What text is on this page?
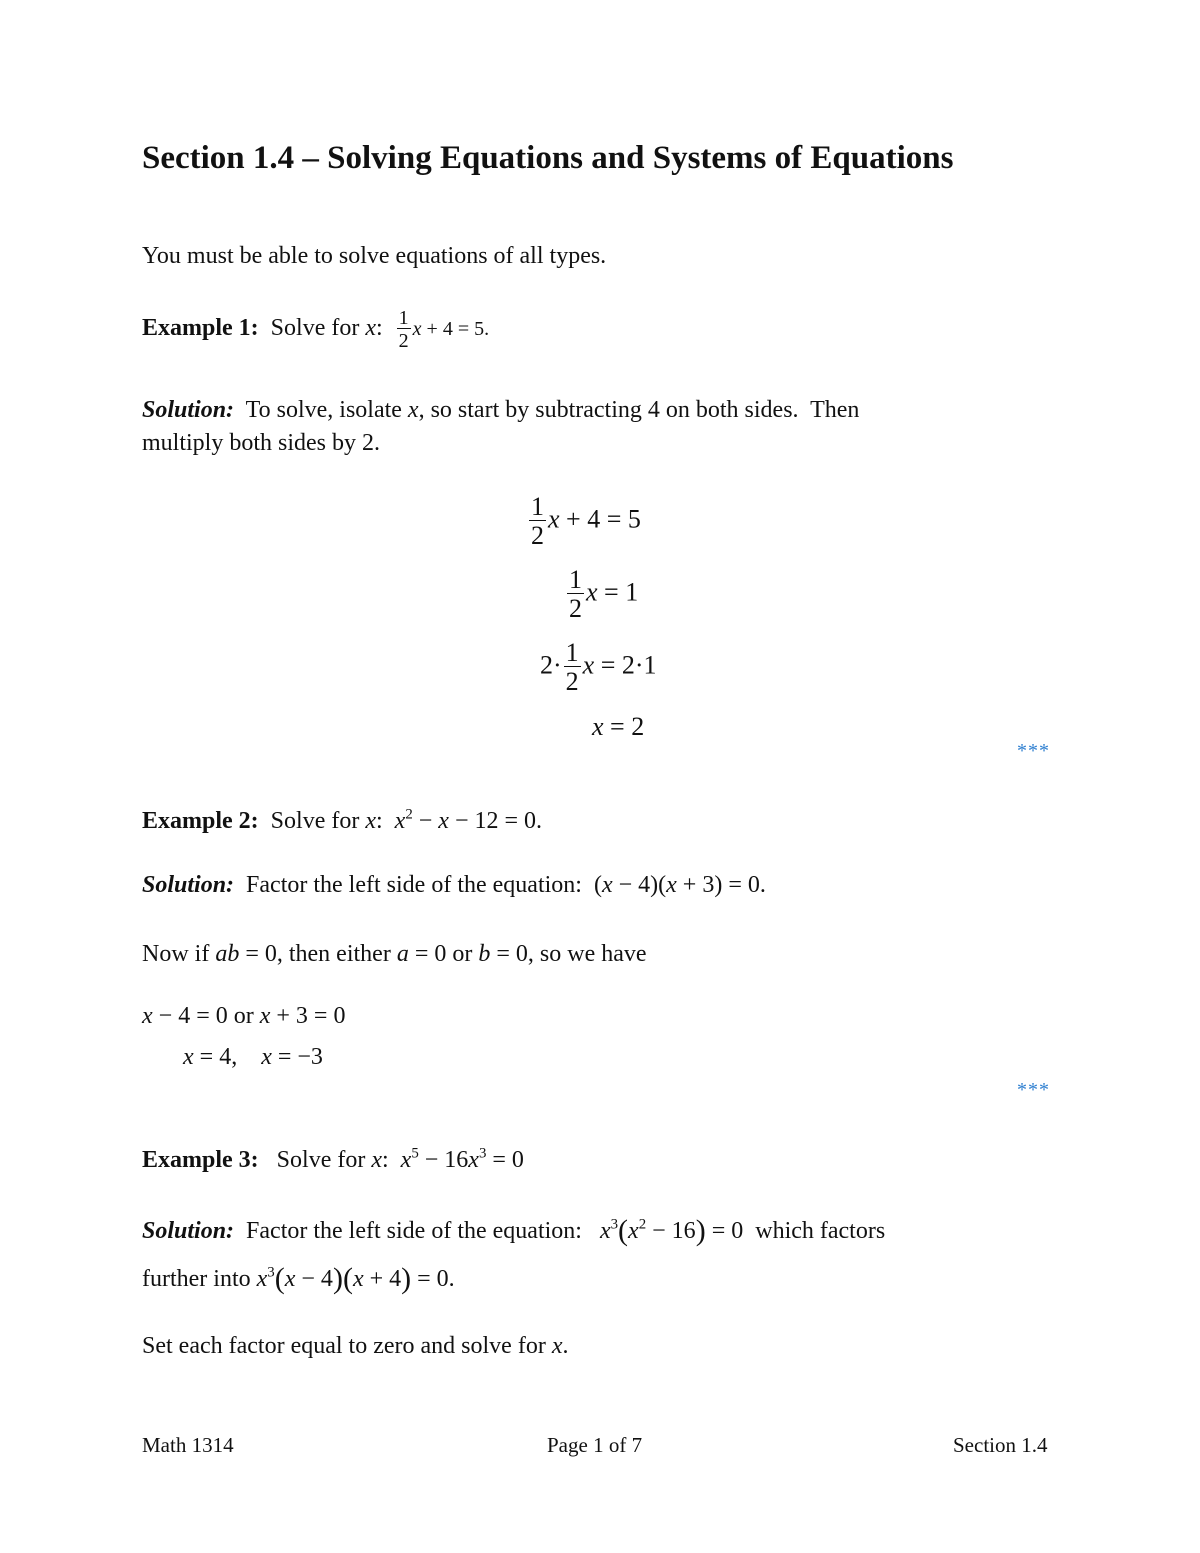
Section 1.4 – Solving Equations and Systems of Equations
You must be able to solve equations of all types.
Example 1: Solve for x: $\frac{1}{2}$ x + 4 = 5.
Solution: To solve, isolate x, so start by subtracting 4 on both sides.  Then
multiply both sides by 2.
$\frac{1}{2}$ x + 4 = 5
$\frac{1}{2}$ x = 1
$2\cdot \frac{1}{2}$ x = 2·1
x = 2
***
Example 2: Solve for x: $x^2 - x - 12 = 0$.
Solution: Factor the left side of the equation: (x − 4)(x + 3) = 0.
Now if ab = 0, then either a = 0 or b = 0, so we have
x − 4 = 0 or x + 3 = 0
x = 4,    x = −3
***
Example 3: Solve for x: $x^5 - 16x^3 = 0$
Solution: Factor the left side of the equation: $x^3(x^2 - 16) = 0$ which factors
further into $x^3(x - 4)(x + 4) = 0$.
Set each factor equal to zero and solve for x.
Math 1314	Page 1 of 7	Section 1.4
